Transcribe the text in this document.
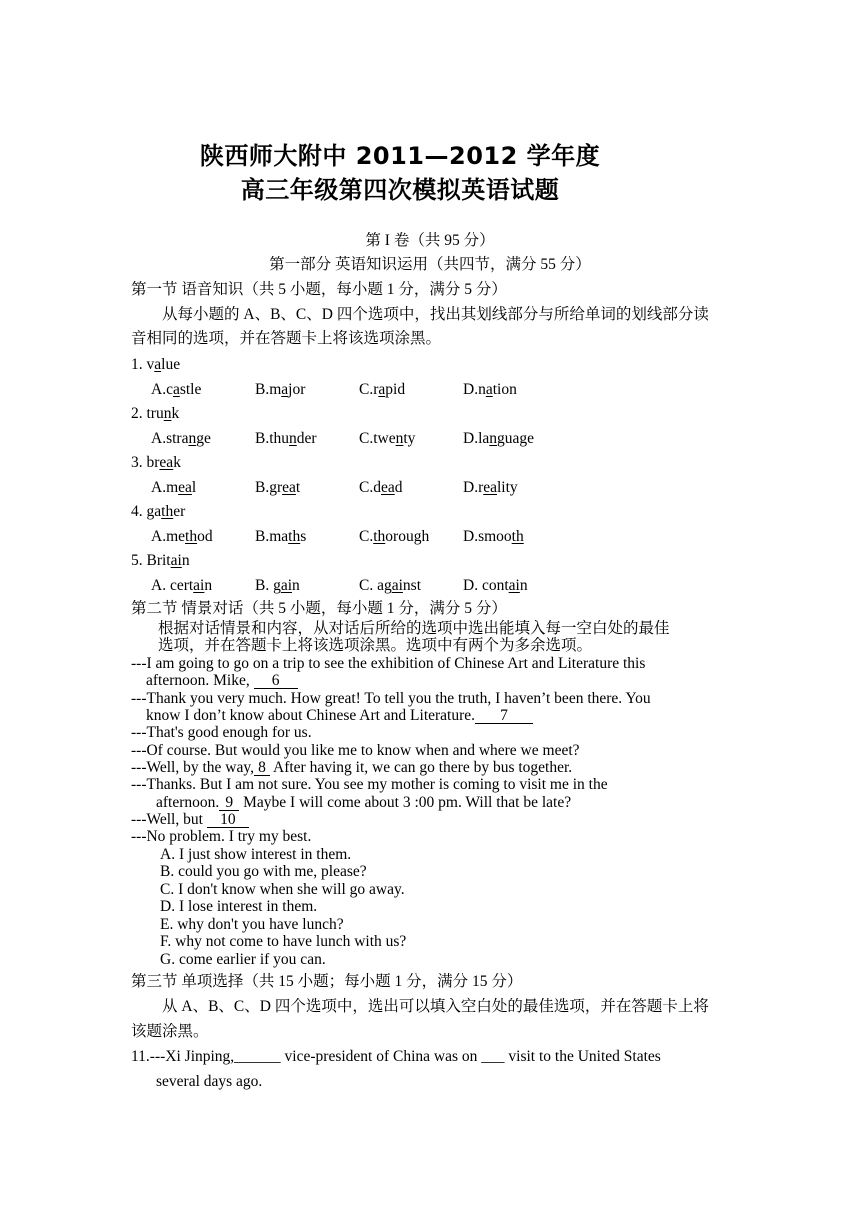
陕西师大附中 2011—2012 学年度
高三年级第四次模拟英语试题
第 I 卷（共 95 分）
第一部分 英语知识运用（共四节，满分 55 分）
第一节 语音知识（共 5 小题，每小题 1 分，满分 5 分）
从每小题的 A、B、C、D 四个选项中，找出其划线部分与所给单词的划线部分读
音相同的选项，并在答题卡上将该选项涂黑。
1. value
A.castle	B.major	C.rapid	D.nation
2. trunk
A.strange	B.thunder	C.twenty	D.language
3. break
A.meal	B.great	C.dead	D.reality
4. gather
A.method	B.maths	C.thorough D.smooth
5. Britain
A. certain	B. gain	C. against	D. contain
第二节 情景对话（共 5 小题，每小题 1 分，满分 5 分）
根据对话情景和内容，从对话后所给的选项中选出能填入每一空白处的最佳
选项，并在答题卡上将该选项涂黑。选项中有两个为多余选项。
---I am going to go on a trip to see the exhibition of Chinese Art and Literature this
afternoon. Mike, 6
---Thank you very much. How great! To tell you the truth, I haven’t been there. You
know I don’t know about Chinese Art and Literature. 7
---That's good enough for us.
---Of course. But would you like me to know when and where we meet?
---Well, by the way, 8 After having it, we can go there by bus together.
---Thanks. But I am not sure. You see my mother is coming to visit me in the
afternoon. 9 Maybe I will come about 3 :00 pm. Will that be late?
---Well, but 10
---No problem. I try my best.
A. I just show interest in them.
B. could you go with me, please?
C. I don't know when she will go away.
D. I lose interest in them.
E. why don't you have lunch?
F. why not come to have lunch with us?
G. come earlier if you can.
第三节 单项选择（共 15 小题；每小题 1 分，满分 15 分）
从 A、B、C、D 四个选项中，选出可以填入空白处的最佳选项，并在答题卡上将
该题涂黑。
11.---Xi Jinping,______ vice-president of China was on ___ visit to the United States
several days ago.
